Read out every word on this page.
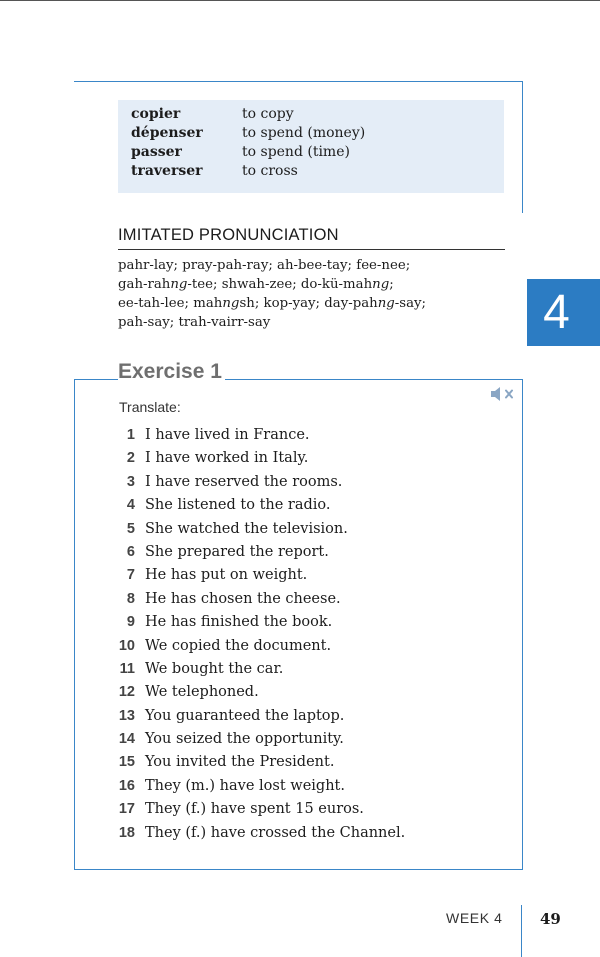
copier	to copy
dépenser	to spend (money)
passer	to spend (time)
traverser	to cross
IMITATED PRONUNCIATION
pahr-lay; pray-pah-ray; ah-bee-tay; fee-nee;
gah-rahng-tee; shwah-zee; do-kü-mahng;
ee-tah-lee; mahngsh; kop-yay; day-pahng-say;
pah-say; trah-vairr-say	4
Exercise 1
Translate:
1 I have lived in France.
2 I have worked in Italy.
3 I have reserved the rooms.
4 She listened to the radio.
5 She watched the television.
6 She prepared the report.
7 He has put on weight.
8 He has chosen the cheese.
9 He has finished the book.
10 We copied the document.
11 We bought the car.
12 We telephoned.
13 You guaranteed the laptop.
14 You seized the opportunity.
15 You invited the President.
16 They (m.) have lost weight.
17 They (f.) have spent 15 euros.
18 They (f.) have crossed the Channel.
WEEK 4 49
